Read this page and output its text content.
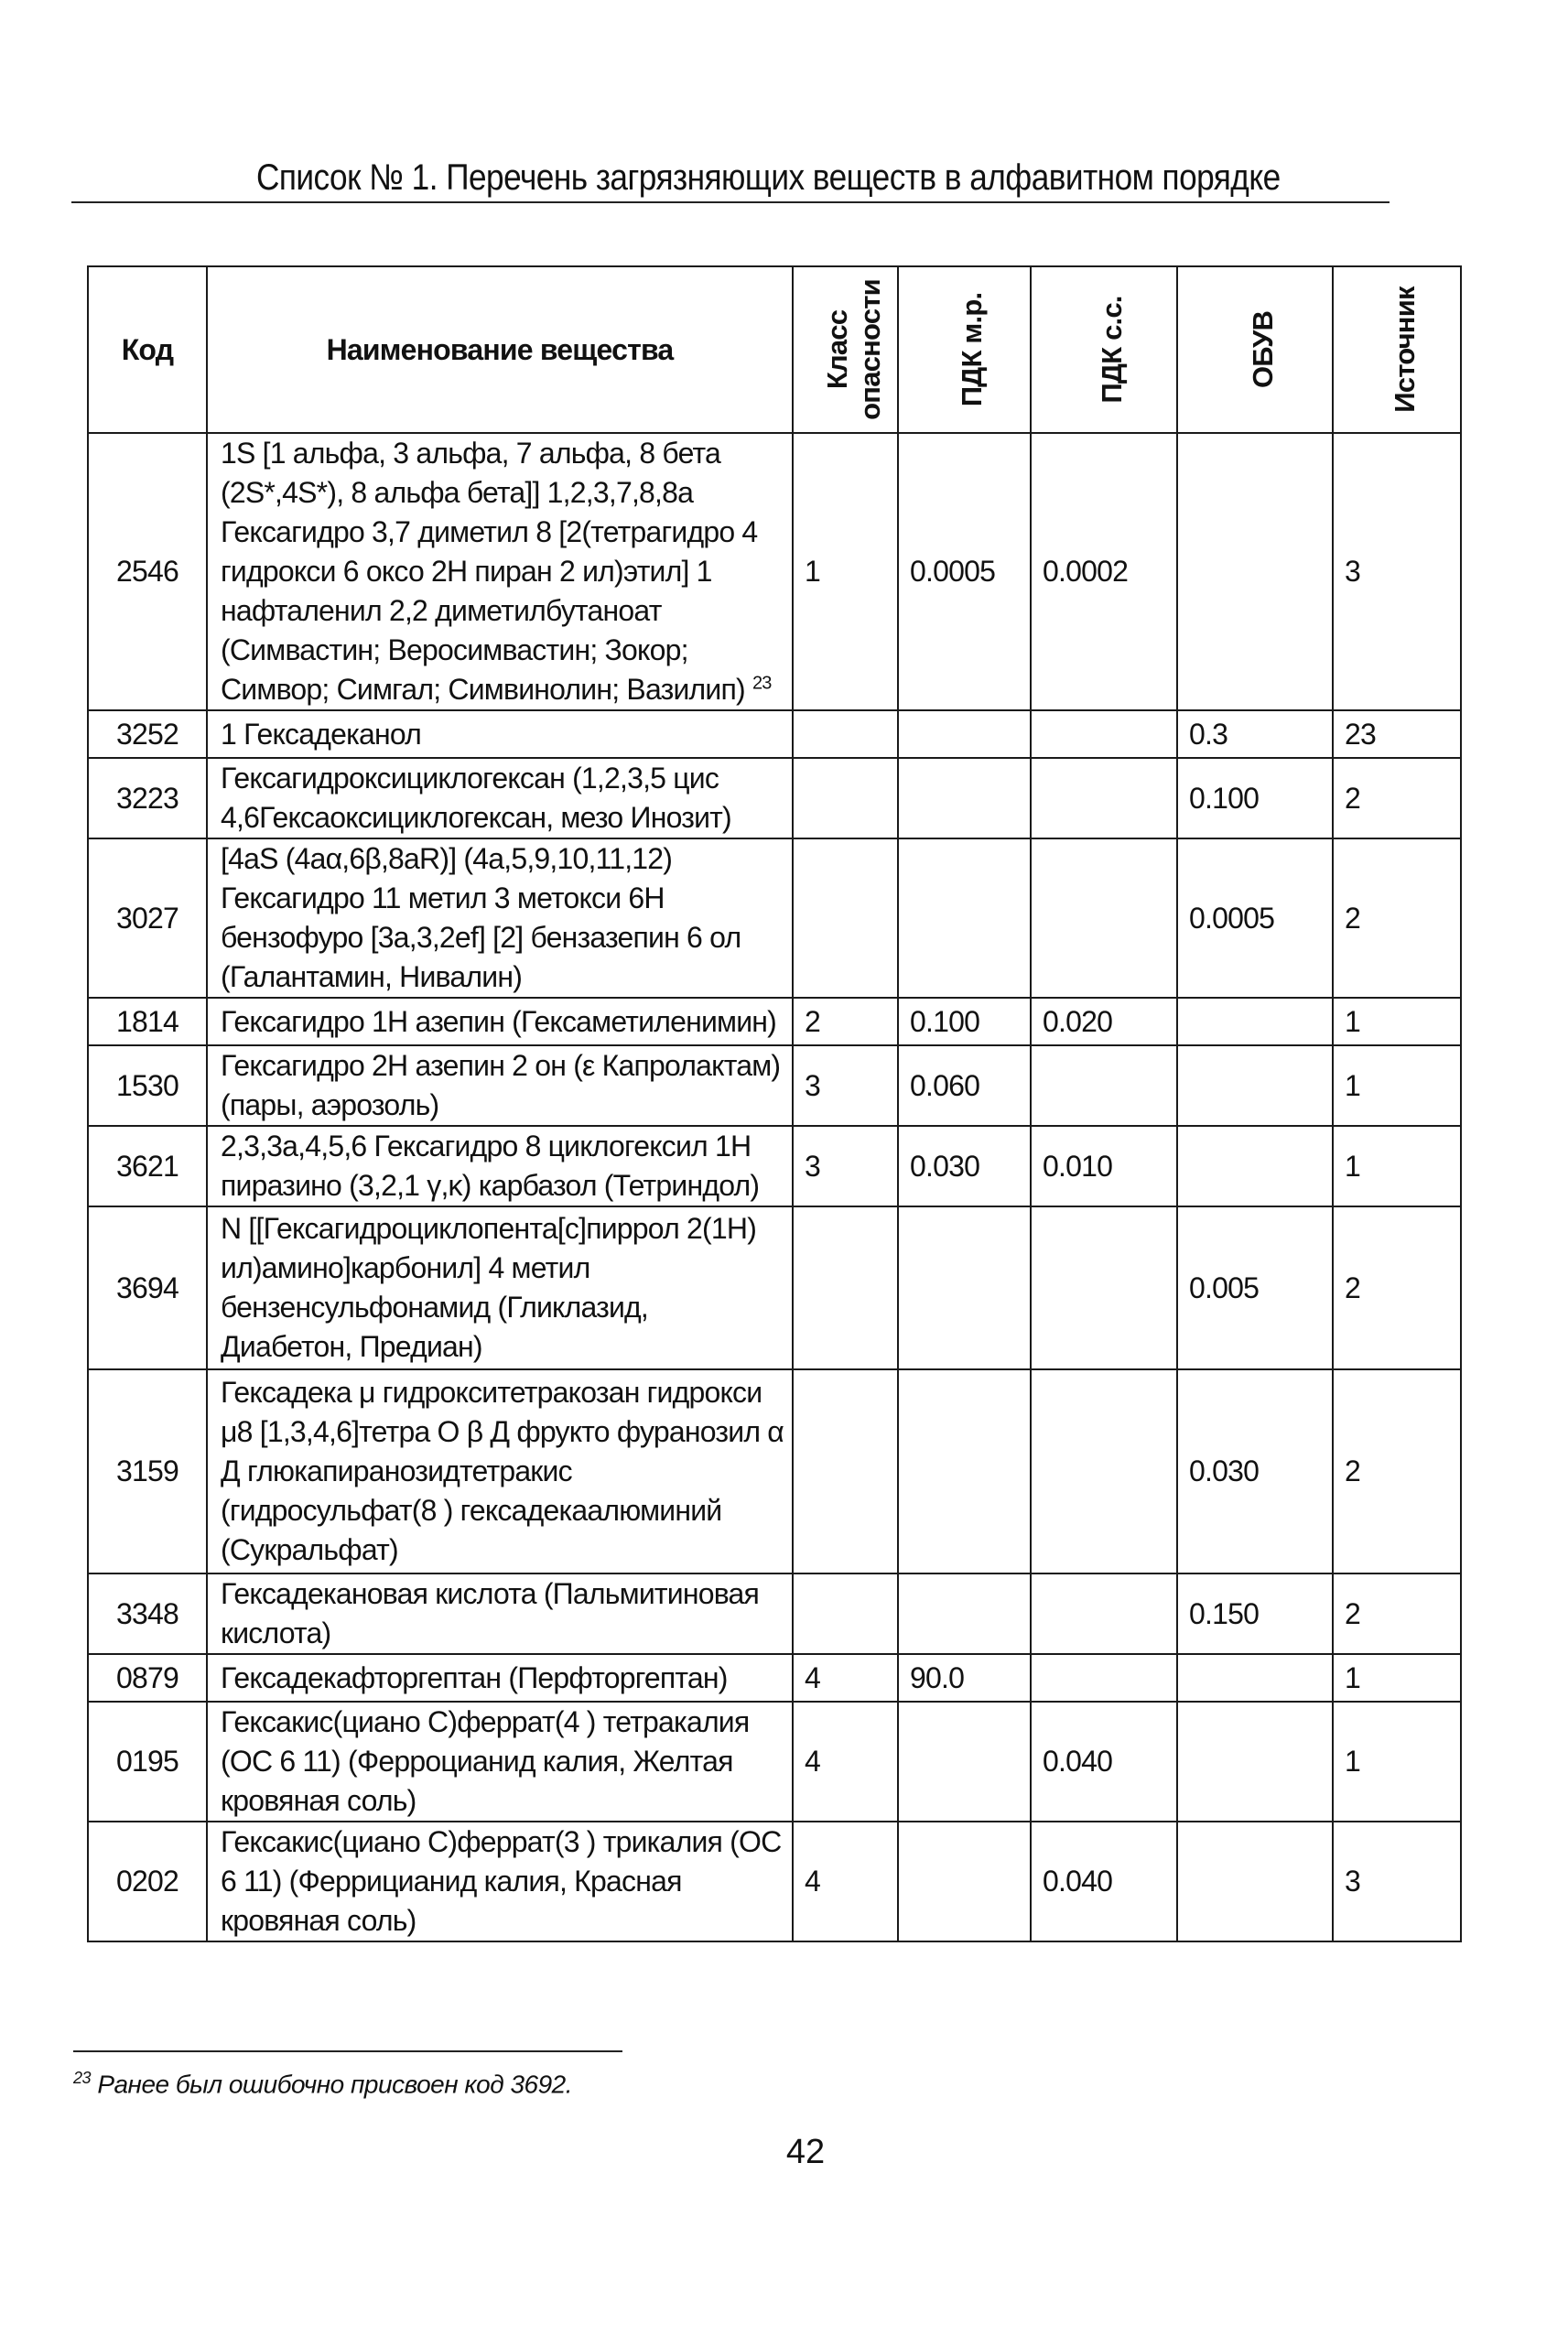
Список № 1. Перечень загрязняющих веществ в алфавитном порядке
Код	Наименование вещества	Класс опасности	ПДК м.р.	ПДК с.с.	ОБУВ	Источник

2546	1S [1 альфа, 3 альфа, 7 альфа, 8 бета (2S*,4S*), 8 альфа бета]] 1,2,3,7,8,8а Гексагидро 3,7 диметил 8 [2(тетрагидро 4 гидрокси 6 оксо 2H пиран 2 ил)этил] 1 нафталенил 2,2 диметилбутаноат (Симвастин; Веросимвастин; Зокор; Симвор; Симгал; Симвинолин; Вазилип) $^{23}$	1	0.0005	0.0002		3
3252	1 Гексадеканол				0.3	23
3223	Гексагидроксициклогексан (1,2,3,5 цис 4,6Гексаоксициклогексан, мезо Инозит)				0.100	2
3027	[4aS (4aα,6β,8aR)] (4a,5,9,10,11,12) Гексагидро 11 метил 3 метокси 6H бензофуро [3a,3,2ef] [2] бензазепин 6 ол (Галантамин, Нивалин)				0.0005	2
1814	Гексагидро 1H азепин (Гексаметиленимин)	2	0.100	0.020		1
1530	Гексагидро 2H азепин 2 он (ε Капролактам) (пары, аэрозоль)	3	0.060			1
3621	2,3,3a,4,5,6 Гексагидро 8 циклогексил 1H пиразино (3,2,1 γ,κ) карбазол (Тетриндол)	3	0.030	0.010		1
3694	N [[Гексагидроциклопента[c]пиррол 2(1H) ил)амино]карбонил] 4 метил бензенсульфонамид (Гликлазид, Диабетон, Предиан)				0.005	2
3159	Гексадека μ гидрокситетракозан гидрокси μ8 [1,3,4,6]тетра O β Д фрукто фуранозил α Д глюкапиранозидтетракис (гидросульфат(8 ) гексадекаалюминий (Сукральфат)				0.030	2
3348	Гексадекановая кислота (Пальмитиновая кислота)				0.150	2
0879	Гексадекафторгептан (Перфторгептан)	4	90.0			1
0195	Гексакис(циано С)феррат(4 ) тетракалия (ОС 6 11) (Ферроцианид калия, Желтая кровяная соль)	4		0.040		1
0202	Гексакис(циано С)феррат(3 ) трикалия (ОС 6 11) (Феррицианид калия, Красная кровяная соль)	4		0.040		3
$^{23}$ Ранее был ошибочно присвоен код 3692.
42
